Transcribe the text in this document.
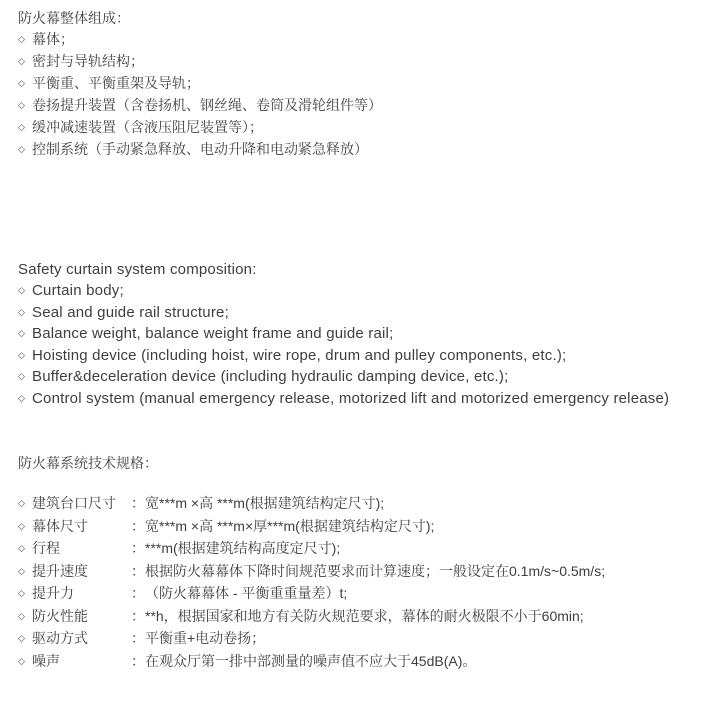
防火幕整体组成：
◇ 幕体；
◇ 密封与导轨结构；
◇ 平衡重、平衡重架及导轨；
◇ 卷扬提升装置（含卷扬机、钢丝绳、卷筒及滑轮组件等）
◇ 缓冲减速装置（含液压阻尼装置等）；
◇ 控制系统（手动紧急释放、电动升降和电动紧急释放）
Safety curtain system composition:
◇ Curtain body;
◇ Seal and guide rail structure;
◇ Balance weight, balance weight frame and guide rail;
◇ Hoisting device (including hoist, wire rope, drum and pulley components, etc.);
◇ Buffer&deceleration device (including hydraulic damping device, etc.);
◇ Control system (manual emergency release, motorized lift and motorized emergency release)
防火幕系统技术规格：
◇ 建筑台口尺寸	： 宽***m ×高 ***m(根据建筑结构定尺寸);
◇ 幕体尺寸	： 宽***m ×高 ***m×厚***m(根据建筑结构定尺寸);
◇ 行程	： ***m(根据建筑结构高度定尺寸);
◇ 提升速度	： 根据防火幕幕体下降时间规范要求而计算速度；一般设定在0.1m/s~0.5m/s;
◇ 提升力	： （防火幕幕体 - 平衡重重量差）t;
◇ 防火性能	： **h，根据国家和地方有关防火规范要求，幕体的耐火极限不小于60min;
◇ 驱动方式	： 平衡重+电动卷扬；
◇ 噪声	： 在观众厅第一排中部测量的噪声值不应大于45dB(A)。
